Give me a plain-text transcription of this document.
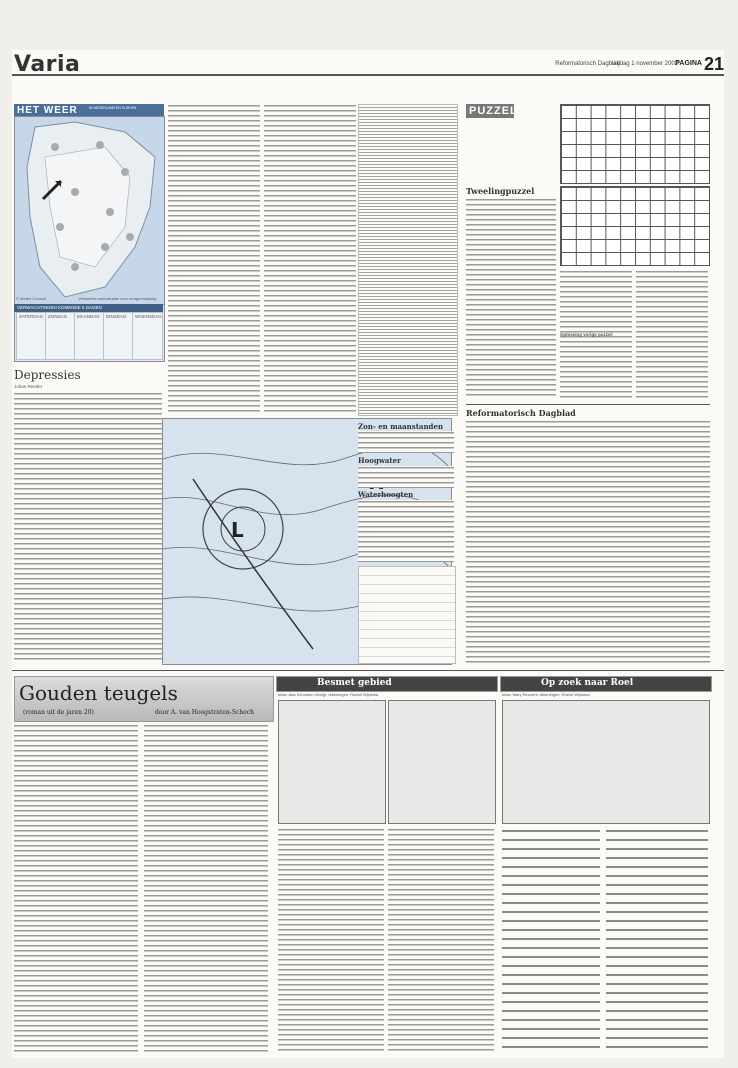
Varia	Reformatorisch Dagblad
vrijdag 1 november 2002
PAGINA 21
HET WEER	IN NEDERLAND EN EUROPA
© Meteo Consult	Verwachte weersituatie voor morgenmiddag
VERWACHTINGEN KOMENDE 5 DAGEN
ZATERDAG ZONDAG MAANDAG DINSDAG WOENSDAG
Depressies
Johan Reeder
L
Zon- en maanstanden
Hoogwater
Waterhoogten
PUZZEL
Tweelingpuzzel
Oplossing vorige puzzel:
Reformatorisch Dagblad
Gouden teugels
(roman uit de jaren 20)	door A. van Hoogstraten-Schoch
Besmet gebied
tekst: Ada Schouten-Verrijp; tekeningen: Roelof Wijnsma
Op zoek naar Roel
tekst: Mary Reuvers; tekeningen: Roelof Wijnsma
